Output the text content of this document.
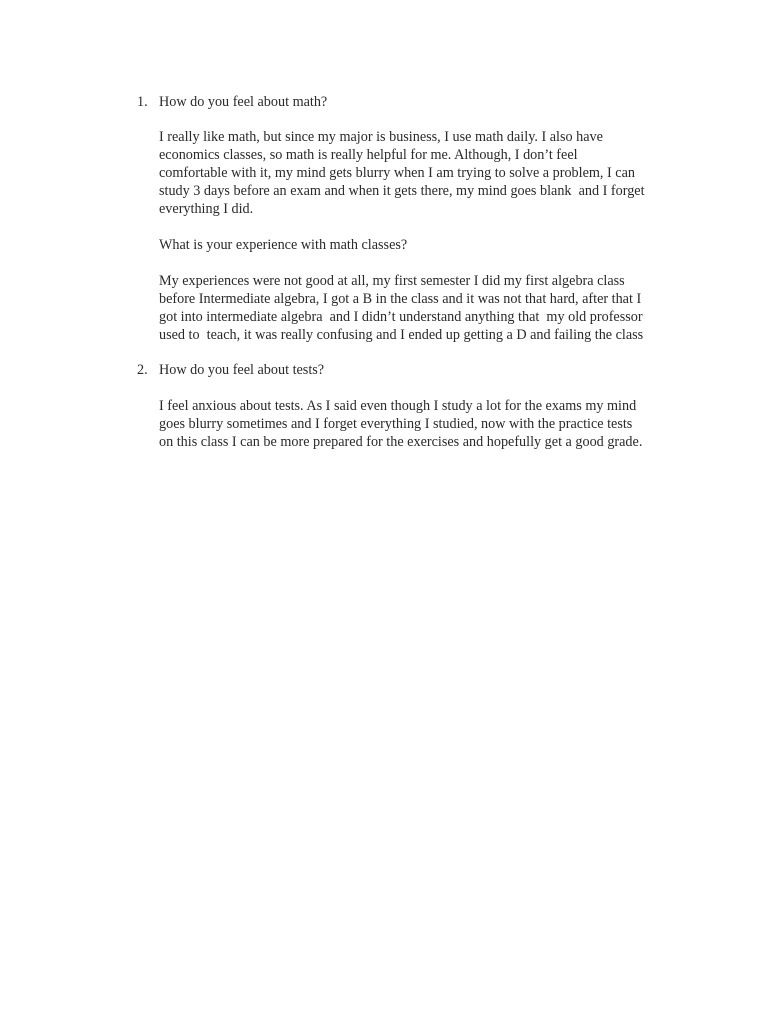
1. How do you feel about math?
I really like math, but since my major is business, I use math daily. I also have
economics classes, so math is really helpful for me. Although, I don’t feel
comfortable with it, my mind gets blurry when I am trying to solve a problem, I can
study 3 days before an exam and when it gets there, my mind goes blank  and I forget
everything I did.
What is your experience with math classes?
My experiences were not good at all, my first semester I did my first algebra class
before Intermediate algebra, I got a B in the class and it was not that hard, after that I
got into intermediate algebra  and I didn’t understand anything that  my old professor
used to  teach, it was really confusing and I ended up getting a D and failing the class
2. How do you feel about tests?
I feel anxious about tests. As I said even though I study a lot for the exams my mind
goes blurry sometimes and I forget everything I studied, now with the practice tests
on this class I can be more prepared for the exercises and hopefully get a good grade.
